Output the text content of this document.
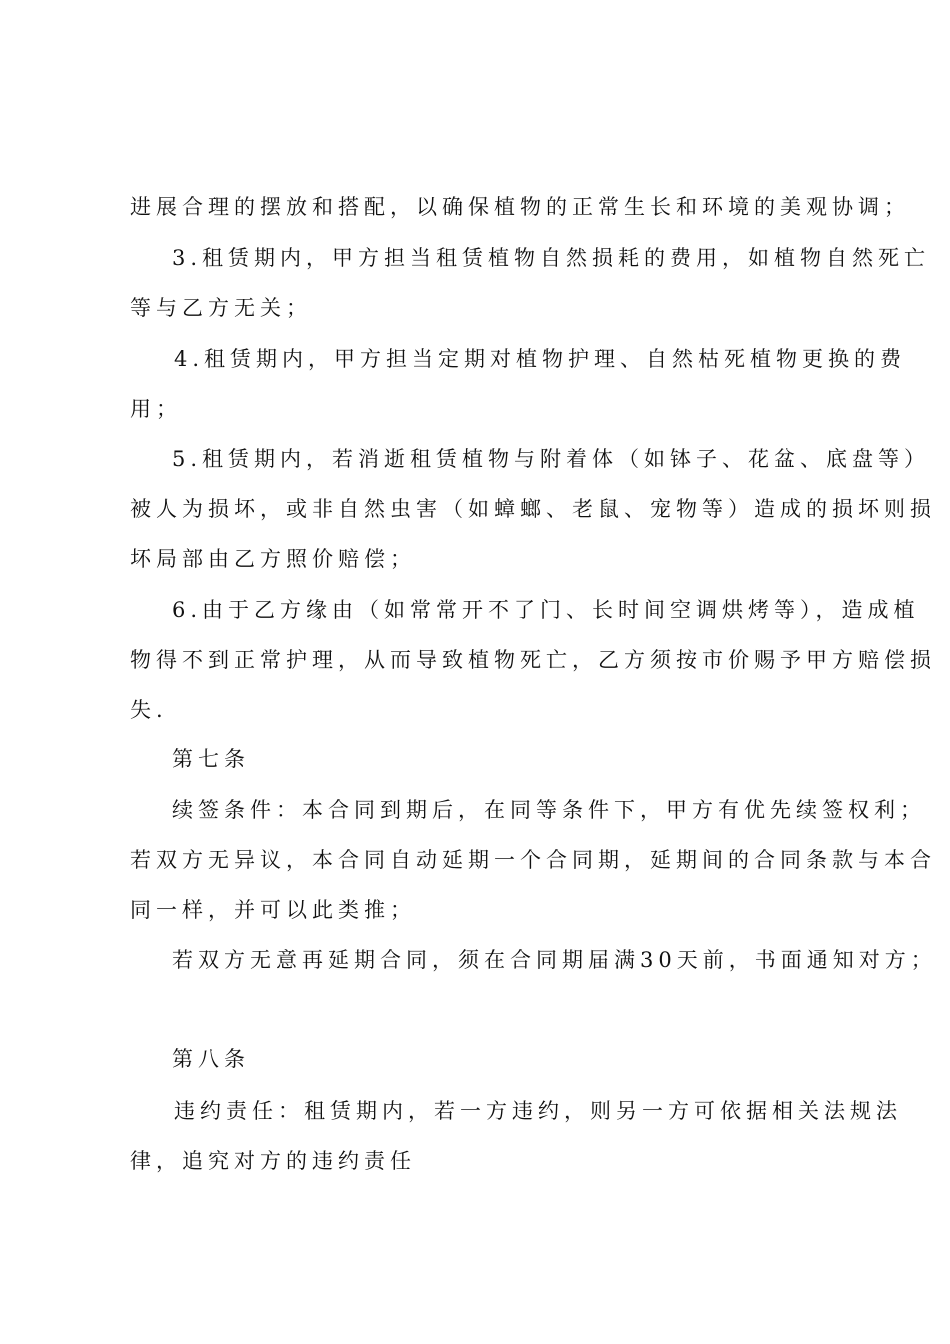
进展合理的摆放和搭配，以确保植物的正常生长和环境的美观协调；
3.租赁期内，甲方担当租赁植物自然损耗的费用，如植物自然死亡
等与乙方无关；
4.租赁期内，甲方担当定期对植物护理、自然枯死植物更换的费
用；
5.租赁期内，若消逝租赁植物与附着体（如钵子、花盆、底盘等）
被人为损坏，或非自然虫害（如蟑螂、老鼠、宠物等）造成的损坏则损
坏局部由乙方照价赔偿；
6.由于乙方缘由（如常常开不了门、长时间空调烘烤等），造成植
物得不到正常护理，从而导致植物死亡，乙方须按市价赐予甲方赔偿损
失.
第七条
续签条件：本合同到期后，在同等条件下，甲方有优先续签权利；
若双方无异议，本合同自动延期一个合同期，延期间的合同条款与本合
同一样，并可以此类推；
若双方无意再延期合同，须在合同期届满30天前，书面通知对方；
第八条
违约责任：租赁期内，若一方违约，则另一方可依据相关法规法
律，追究对方的违约责任
